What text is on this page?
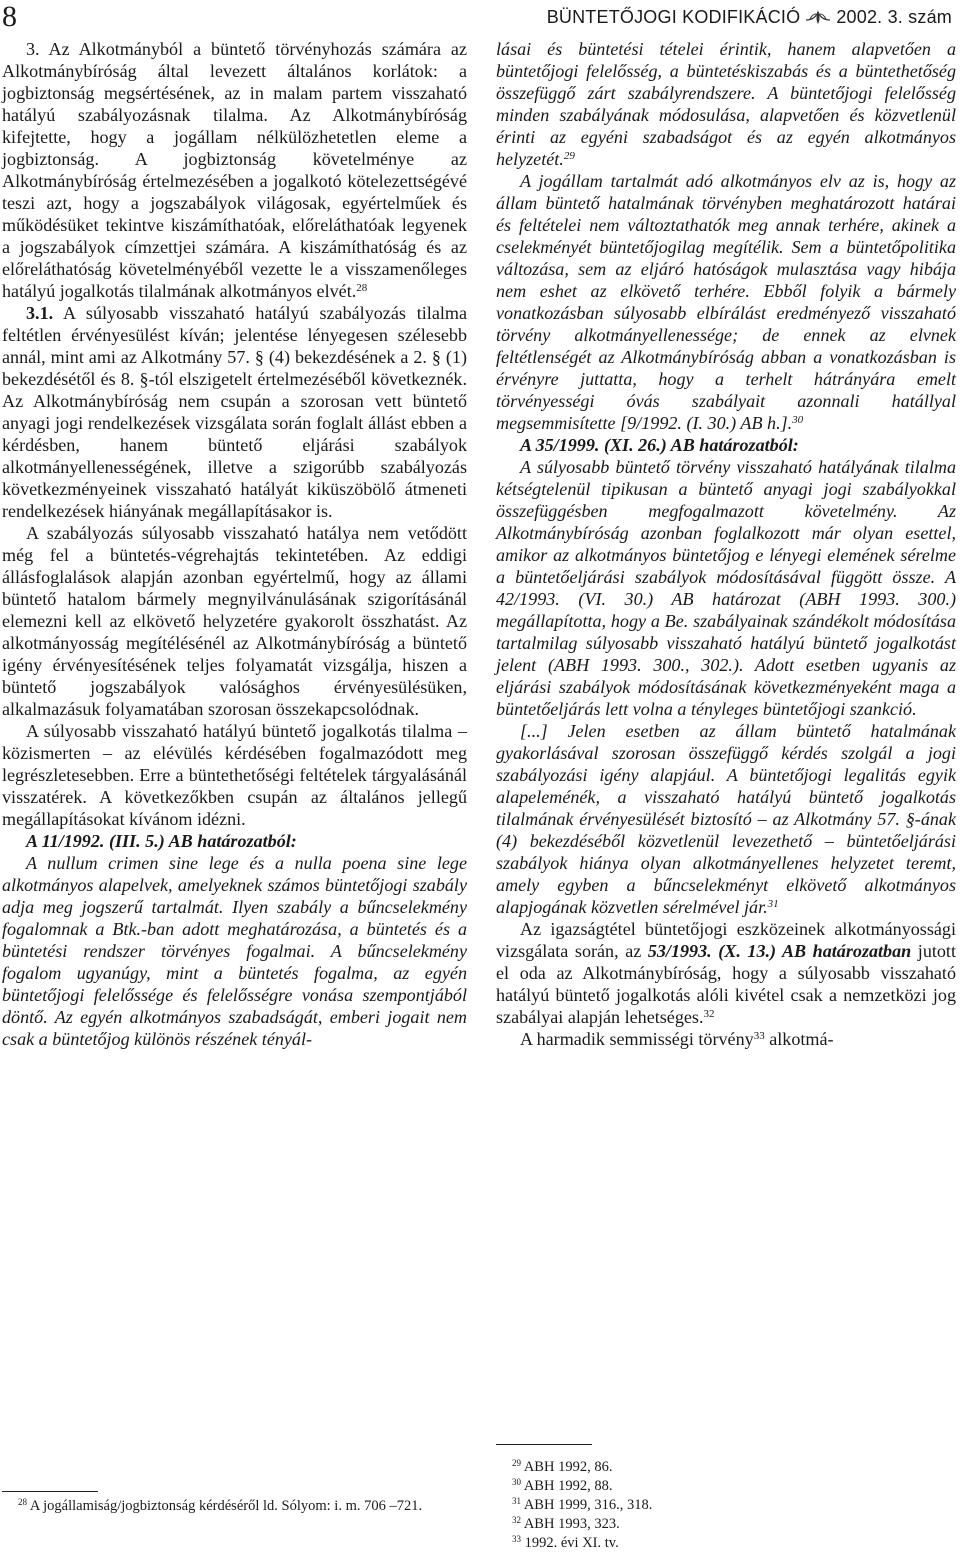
8	BÜNTETŐJOGI KODIFIKÁCIÓ 2002. 3. szám

3. Az Alkotmányból a büntető törvényhozás számára az Alkotmánybíróság által levezett általános korlátok: a jogbiztonság megsértésének, az in malam partem visszaható hatályú szabályozásnak tilalma. Az Alkotmánybíróság kifejtette, hogy a jogállam nélkülözhetetlen eleme a jogbiztonság. A jogbiztonság követelménye az Alkotmánybíróság értelmezésében a jogalkotó kötelezettségévé teszi azt, hogy a jogszabályok világosak, egyértelműek és működésüket tekintve kiszámíthatóak, előreláthatóak legyenek a jogszabályok címzettjei számára. A kiszámíthatóság és az előreláthatóság követelményéből vezette le a visszamenőleges hatályú jogalkotás tilalmának alkotmányos elvét.$^{28}$

3.1. A súlyosabb visszaható hatályú szabályozás tilalma feltétlen érvényesülést kíván; jelentése lényegesen szélesebb annál, mint ami az Alkotmány 57. § (4) bekezdésének a 2. § (1) bekezdésétől és 8. §-tól elszigetelt értelmezéséből következnék. Az Alkotmánybíróság nem csupán a szorosan vett büntető anyagi jogi rendelkezések vizsgálata során foglalt állást ebben a kérdésben, hanem büntető eljárási szabályok alkotmányellenességének, illetve a szigorúbb szabályozás következményeinek visszaható hatályát kiküszöbölő átmeneti rendelkezések hiányának megállapításakor is.

A szabályozás súlyosabb visszaható hatálya nem vetődött még fel a büntetés-végrehajtás tekintetében. Az eddigi állásfoglalások alapján azonban egyértelmű, hogy az állami büntető hatalom bármely megnyilvánulásának szigorításánál elemezni kell az elkövető helyzetére gyakorolt összhatást. Az alkotmányosság megítélésénél az Alkotmánybíróság a büntető igény érvényesítésének teljes folyamatát vizsgálja, hiszen a büntető jogszabályok valósághos érvényesülésüken, alkalmazásuk folyamatában szorosan összekapcsolódnak.

A súlyosabb visszaható hatályú büntető jogalkotás tilalma – közismerten – az elévülés kérdésében fogalmazódott meg legrészletesebben. Erre a büntethetőségi feltételek tárgyalásánál visszatérek. A következőkben csupán az általános jellegű megállapításokat kívánom idézni.

A 11/1992. (III. 5.) AB határozatból:

A nullum crimen sine lege és a nulla poena sine lege alkotmányos alapelvek, amelyeknek számos büntetőjogi szabály adja meg jogszerű tartalmát. Ilyen szabály a bűncselekmény fogalomnak a Btk.-ban adott meghatározása, a büntetés és a büntetési rendszer törvényes fogalmai. A bűncselekmény fogalom ugyanúgy, mint a büntetés fogalma, az egyén büntetőjogi felelőssége és felelősségre vonása szempontjából döntő. Az egyén alkotmányos szabadságát, emberi jogait nem csak a büntetőjog különös részének tényál-

lásai és büntetési tételei érintik, hanem alapvetően a büntetőjogi felelősség, a büntetéskiszabás és a büntethetőség összefüggő zárt szabályrendszere. A büntetőjogi felelősség minden szabályának módosulása, alapvetően és közvetlenül érinti az egyéni szabadságot és az egyén alkotmányos helyzetét.$^{29}$

A jogállam tartalmát adó alkotmányos elv az is, hogy az állam büntető hatalmának törvényben meghatározott határai és feltételei nem változtathatók meg annak terhére, akinek a cselekményét büntetőjogilag megítélik. Sem a büntetőpolitika változása, sem az eljáró hatóságok mulasztása vagy hibája nem eshet az elkövető terhére. Ebből folyik a bármely vonatkozásban súlyosabb elbírálást eredményező visszaható törvény alkotmányellenessége; de ennek az elvnek feltétlenségét az Alkotmánybíróság abban a vonatkozásban is érvényre juttatta, hogy a terhelt hátrányára emelt törvényességi óvás szabályait azonnali hatállyal megsemmisítette [9/1992. (I. 30.) AB h.].$^{30}$

A 35/1999. (XI. 26.) AB határozatból:

A súlyosabb büntető törvény visszaható hatályának tilalma kétségtelenül tipikusan a büntető anyagi jogi szabályokkal összefüggésben megfogalmazott követelmény. Az Alkotmánybíróság azonban foglalkozott már olyan esettel, amikor az alkotmányos büntetőjog e lényegi elemének sérelme a büntetőeljárási szabályok módosításával függött össze. A 42/1993. (VI. 30.) AB határozat (ABH 1993. 300.) megállapította, hogy a Be. szabályainak szándékolt módosítása tartalmilag súlyosabb visszaható hatályú büntető jogalkotást jelent (ABH 1993. 300., 302.). Adott esetben ugyanis az eljárási szabályok módosításának következményeként maga a büntetőeljárás lett volna a tényleges büntetőjogi szankció.

[...] Jelen esetben az állam büntető hatalmának gyakorlásával szorosan összefüggő kérdés szolgál a jogi szabályozási igény alapjául. A büntetőjogi legalitás egyik alapeleménék, a visszaható hatályú büntető jogalkotás tilalmának érvényesülését biztosító – az Alkotmány 57. §-ának (4) bekezdéséből közvetlenül levezethető – büntetőeljárási szabályok hiánya olyan alkotmányellenes helyzetet teremt, amely egyben a bűncselekményt elkövető alkotmányos alapjogának közvetlen sérelmével jár.$^{31}$

Az igazságtétel büntetőjogi eszközeinek alkotmányossági vizsgálata során, az 53/1993. (X. 13.) AB határozatban jutott el oda az Alkotmánybíróság, hogy a súlyosabb visszaható hatályú büntető jogalkotás alóli kivétel csak a nemzetközi jog szabályai alapján lehetséges.$^{32}$

A harmadik semmisségi törvény$^{33}$ alkotmá-

$^{28}$ A jogállamiság/jogbiztonság kérdéséről ld. Sólyom: i. m. 706 –721.

$^{29}$ ABH 1992, 86.

$^{30}$ ABH 1992, 88.

$^{31}$ ABH 1999, 316., 318.

$^{32}$ ABH 1993, 323.

$^{33}$ 1992. évi XI. tv.
